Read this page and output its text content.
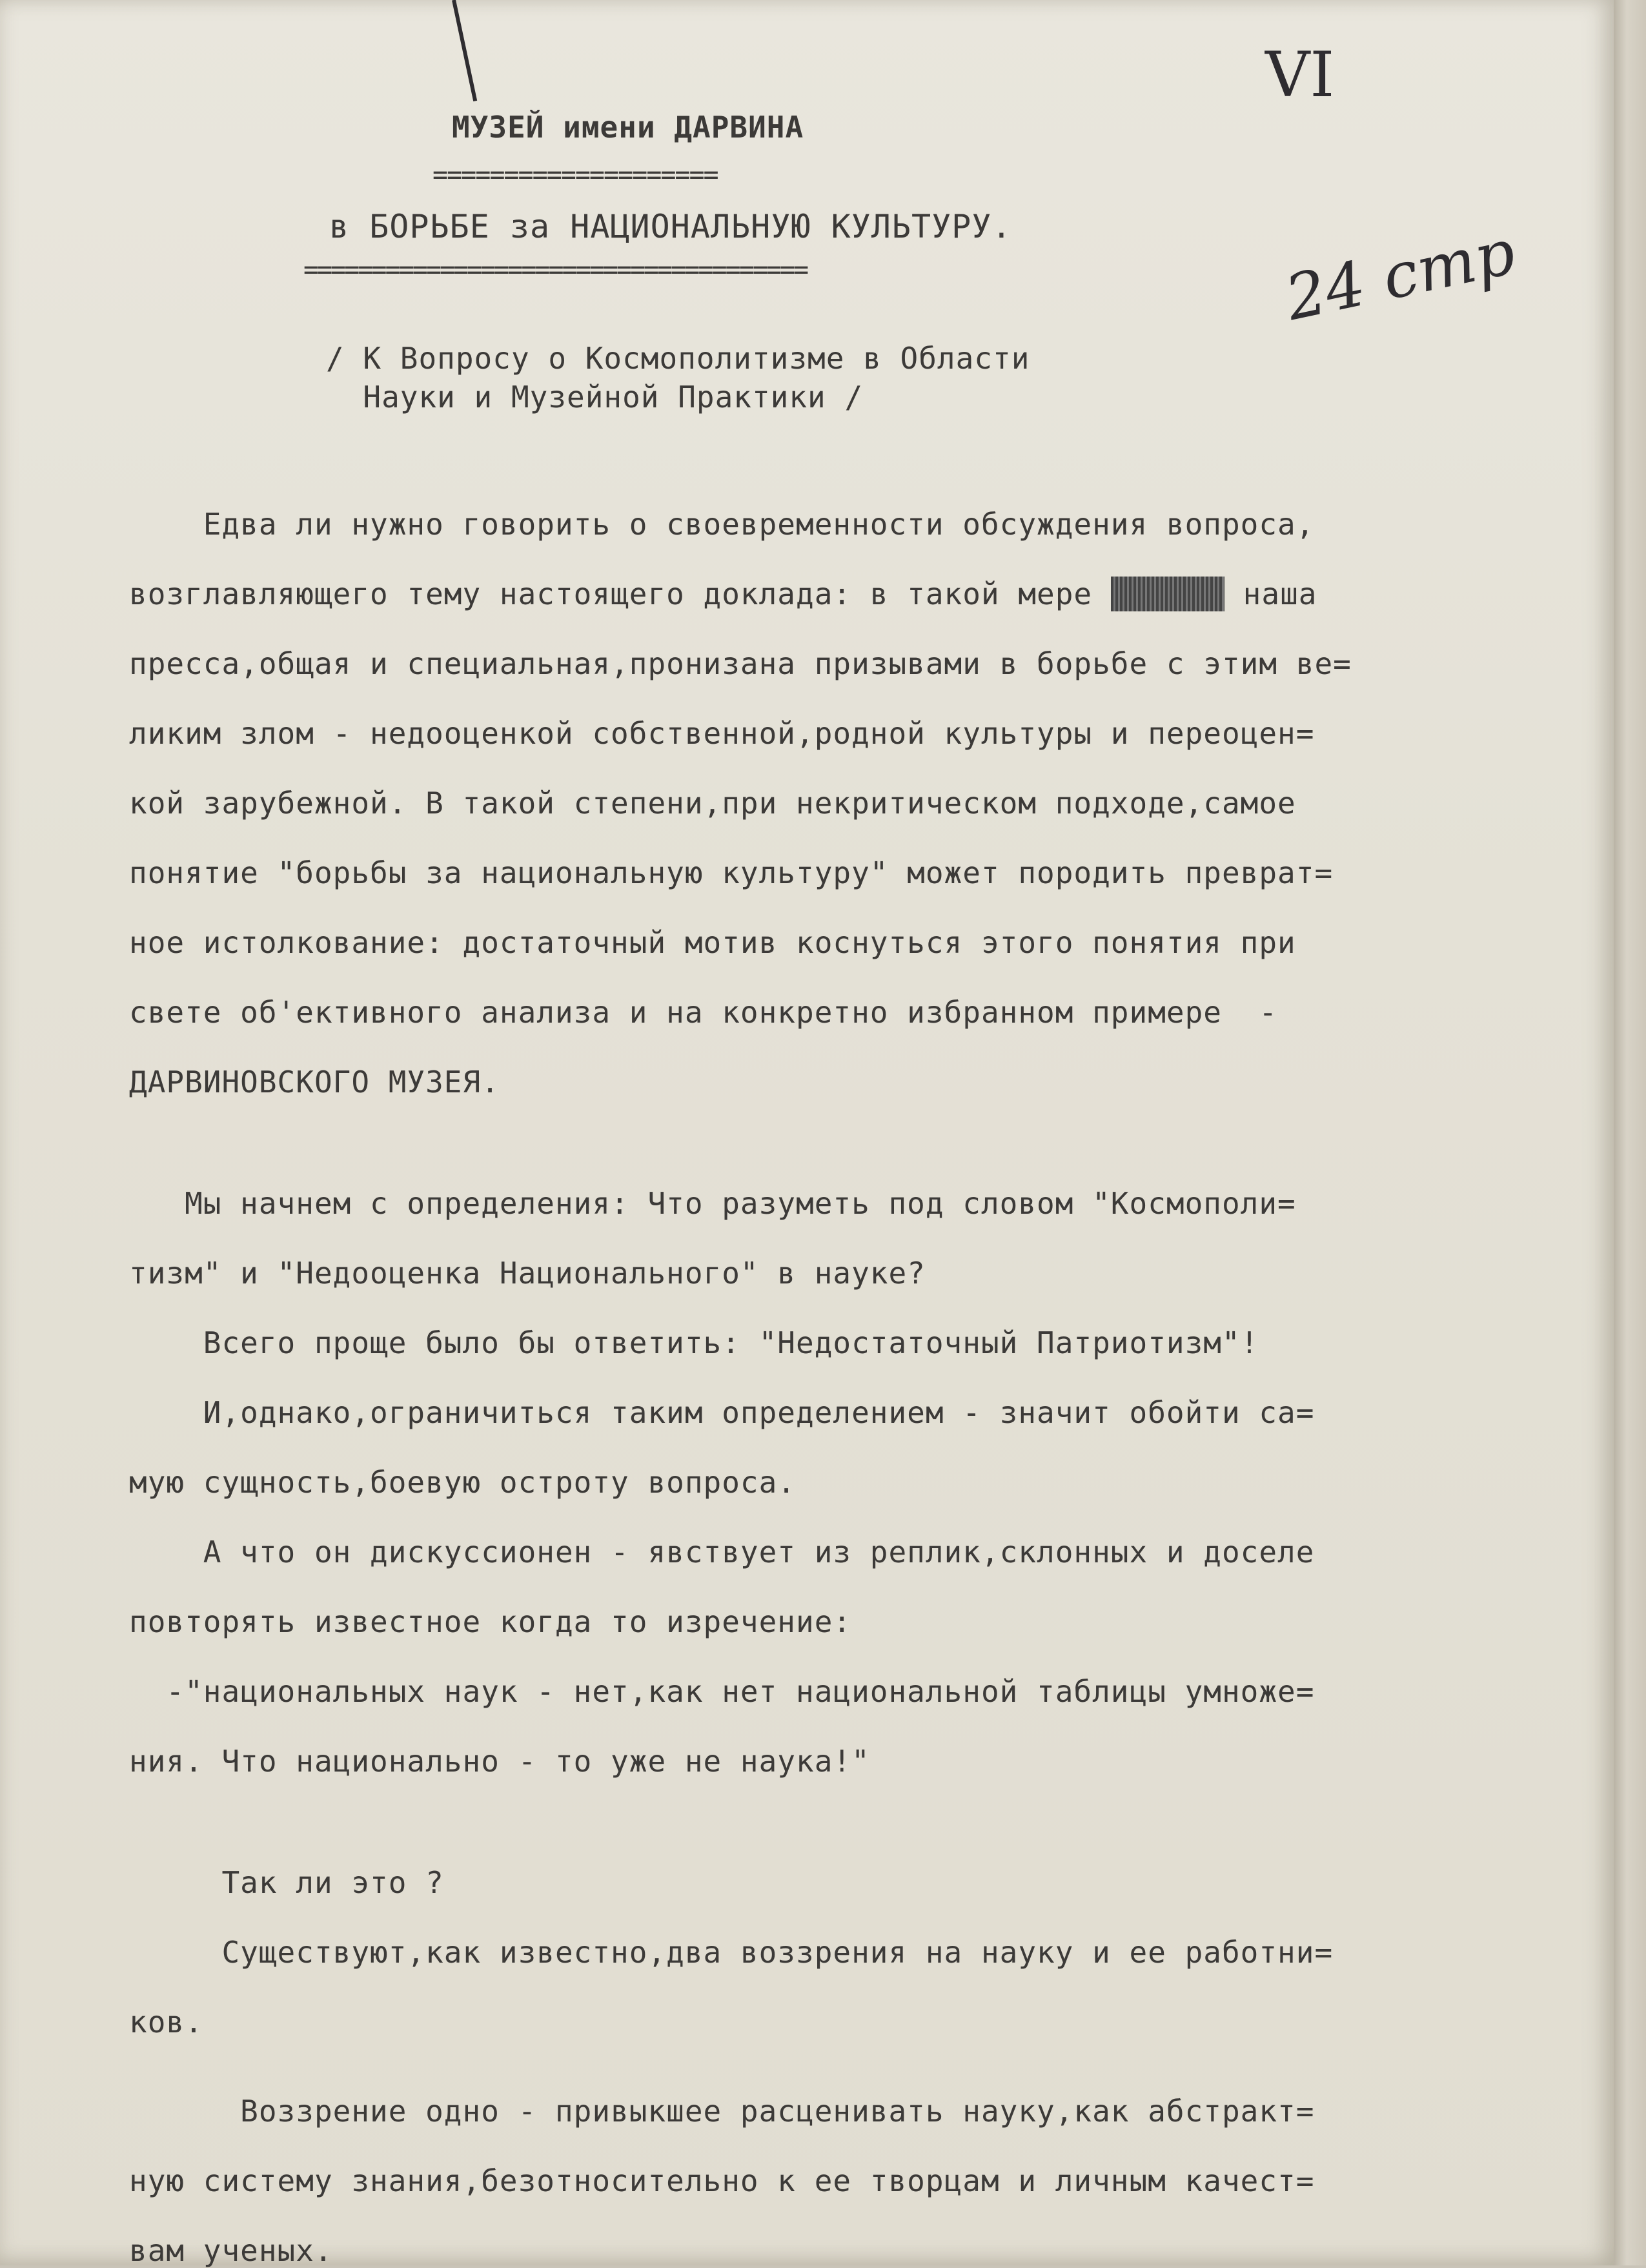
МУЗЕЙ имени ДАРВИНА
====================
в БОРЬБЕ за НАЦИОНАЛЬНУЮ КУЛЬТУРУ.
=====================================
/ К Вопросу о Космополитизме в Области
Науки и Музейной Практики /
VI
24 стр
Едва ли нужно говорить о своевременности обсуждения вопроса,
возглавляющего тему настоящего доклада: в такой мере	наша
пресса,общая и специальная,пронизана призывами в борьбе с этим ве=
ликим злом - недооценкой собственной,родной культуры и переоцен=
кой зарубежной. В такой степени,при некритическом подходе,самое
понятие "борьбы за национальную культуру" может породить преврат=
ное истолкование: достаточный мотив коснуться этого понятия при
свете об'ективного анализа и на конкретно избранном примере  -
ДАРВИНОВСКОГО МУЗЕЯ.
Мы начнем с определения: Что разуметь под словом "Космополи=
тизм" и "Недооценка Национального" в науке?
Всего проще было бы ответить: "Недостаточный Патриотизм"!
И,однако,ограничиться таким определением - значит обойти са=
мую сущность,боевую остроту вопроса.
А что он дискуссионен - явствует из реплик,склонных и доселе
повторять известное когда то изречение:
-"национальных наук - нет,как нет национальной таблицы умноже=
ния. Что национально - то уже не наука!"
Так ли это ?
Существуют,как известно,два воззрения на науку и ее работни=
ков.
Воззрение одно - привыкшее расценивать науку,как абстракт=
ную систему знания,безотносительно к ее творцам и личным качест=
вам ученых.
